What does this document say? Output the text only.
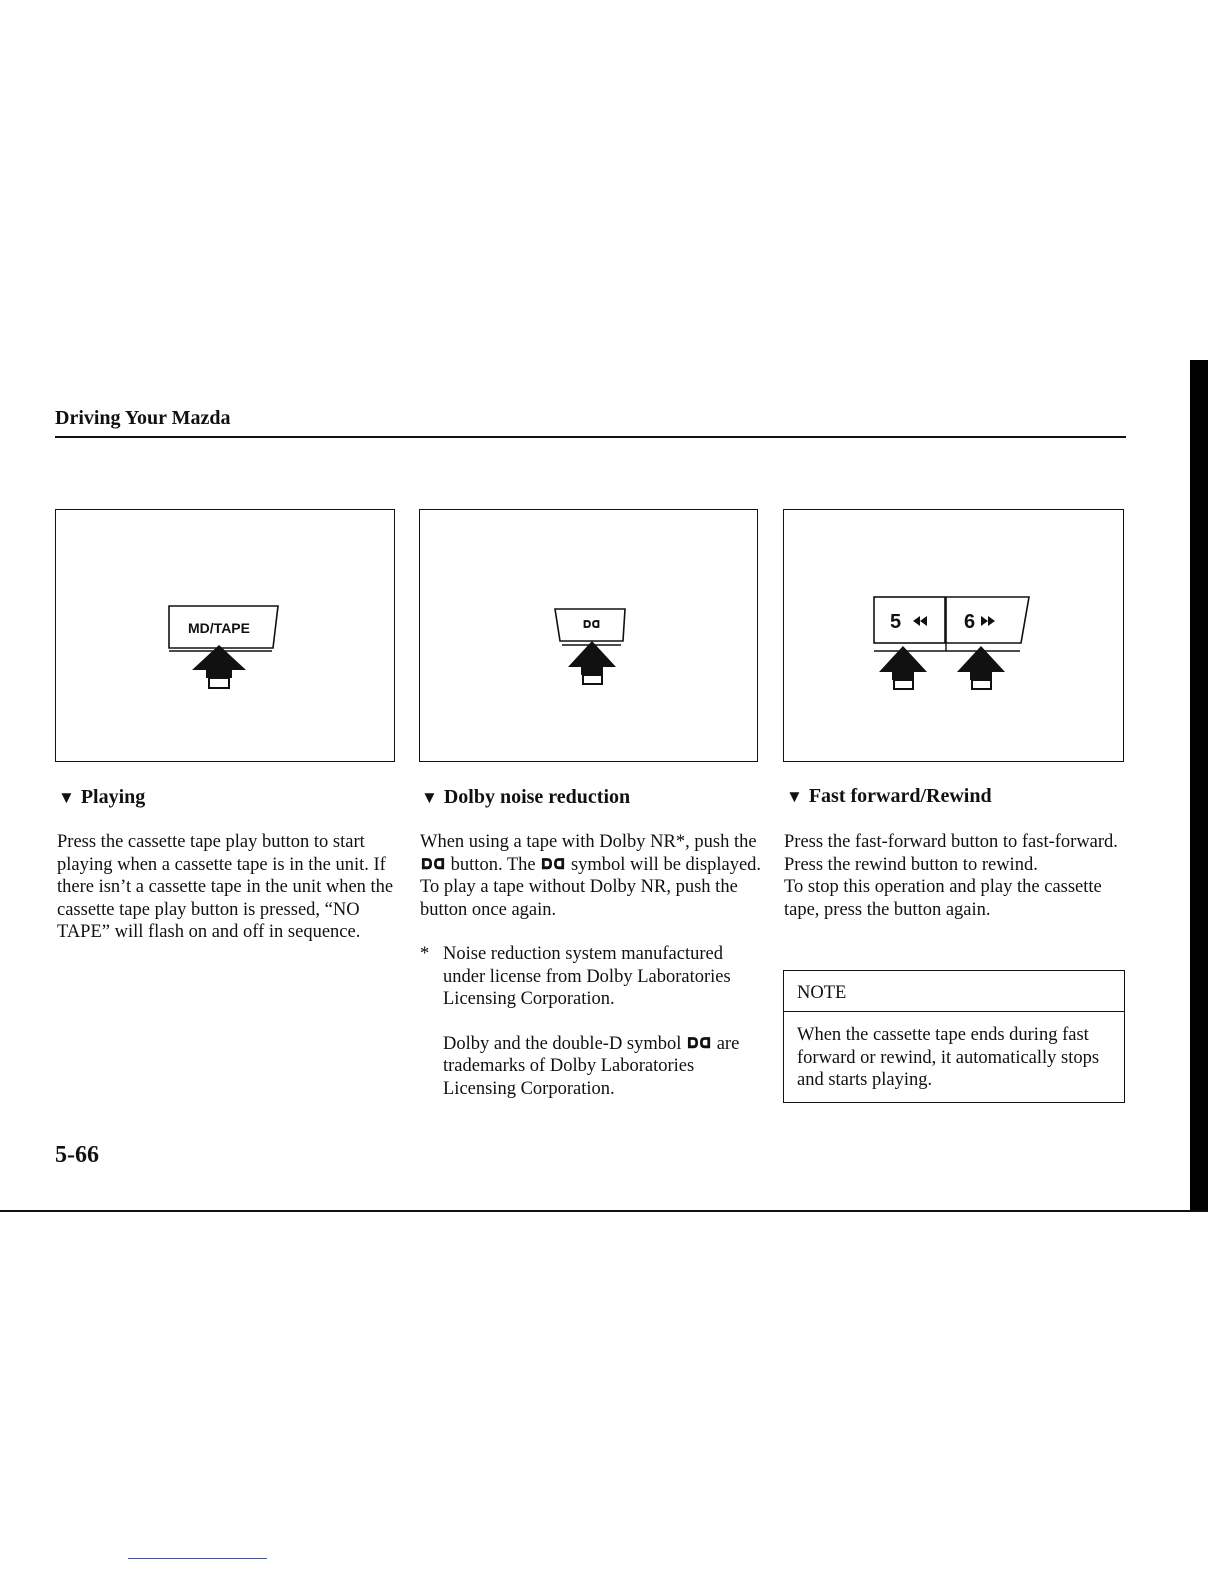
Driving Your Mazda
MD/TAPE	5	6
▼ Playing	▼ Dolby noise reduction	▼ Fast forward/Rewind

Press the cassette tape play button to start playing when a cassette tape is in the unit. If there isn’t a cassette tape in the unit when the cassette tape play button is pressed, “NO TAPE” will flash on and off in sequence.

When using a tape with Dolby NR*, push the  button. The symbol will be displayed. To play a tape without Dolby NR, push the button once again.

* Noise reduction system manufactured under license from Dolby Laboratories Licensing Corporation.

Dolby and the double-D symbol are trademarks of Dolby Laboratories Licensing Corporation.

Press the fast-forward button to fast-forward.

Press the rewind button to rewind.

To stop this operation and play the cassette tape, press the button again.

NOTE
When the cassette tape ends during fast forward or rewind, it automatically stops and starts playing.
5-66
